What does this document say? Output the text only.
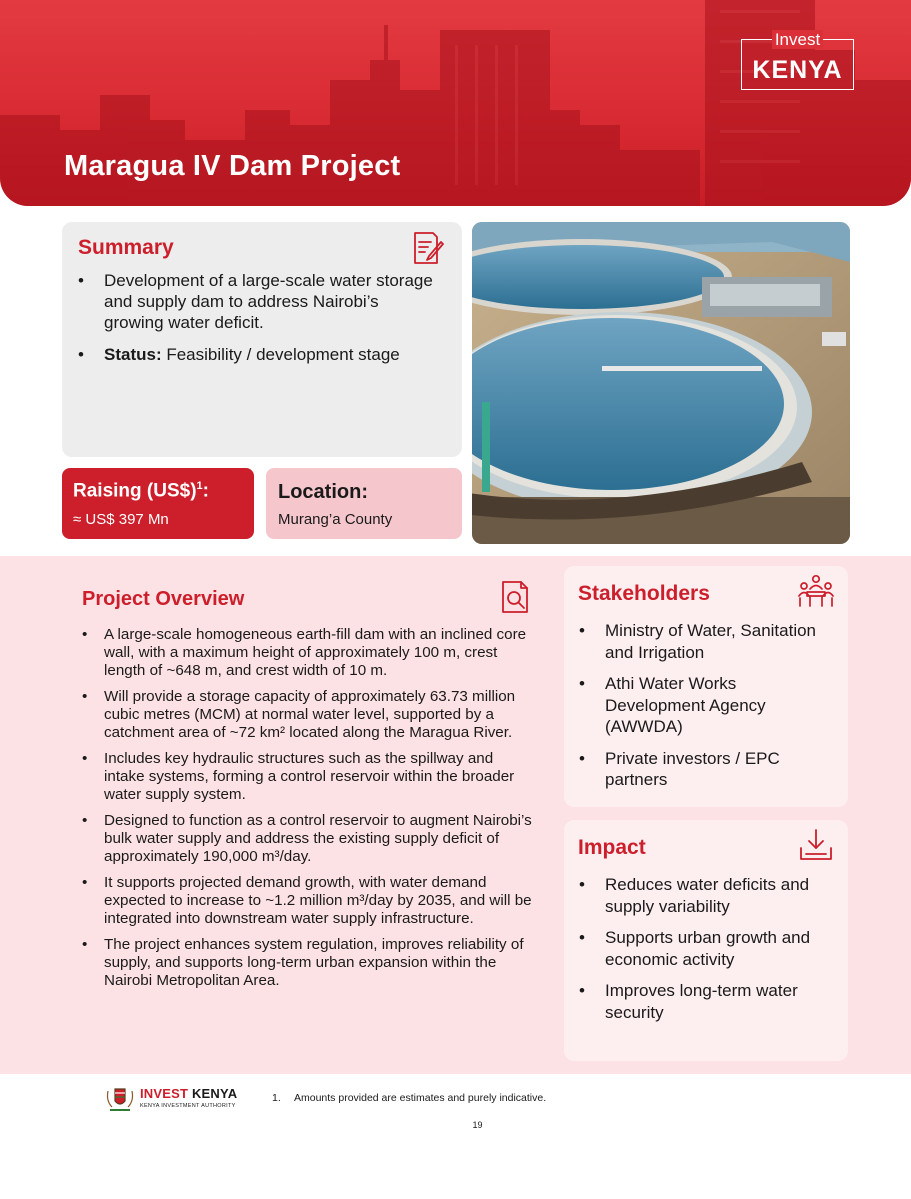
Invest
KENYA
Maragua IV Dam Project
Summary
• Development of a large-scale water storage and supply dam to address Nairobi’s growing water deficit.
• Status: Feasibility / development stage
Raising (US$)$^1$:
≈ US$ 397 Mn
Location:
Murang’a County
Project Overview
• A large-scale homogeneous earth-fill dam with an inclined core wall, with a maximum height of approximately 100 m, crest length of ~648 m, and crest width of 10 m.
• Will provide a storage capacity of approximately 63.73 million cubic metres (MCM) at normal water level, supported by a catchment area of ~72 km² located along the Maragua River.
• Includes key hydraulic structures such as the spillway and intake systems, forming a control reservoir within the broader water supply system.
• Designed to function as a control reservoir to augment Nairobi’s bulk water supply and address the existing supply deficit of approximately 190,000 m³/day.
• It supports projected demand growth, with water demand expected to increase to ~1.2 million m³/day by 2035, and will be integrated into downstream water supply infrastructure.
• The project enhances system regulation, improves reliability of supply, and supports long-term urban expansion within the Nairobi Metropolitan Area.
Stakeholders
• Ministry of Water, Sanitation and Irrigation
• Athi Water Works Development Agency (AWWDA)
• Private investors / EPC partners
Impact
• Reduces water deficits and supply variability
• Supports urban growth and economic activity
• Improves long-term water security
INVEST KENYA
KENYA INVESTMENT AUTHORITY
1. Amounts provided are estimates and purely indicative.
19
